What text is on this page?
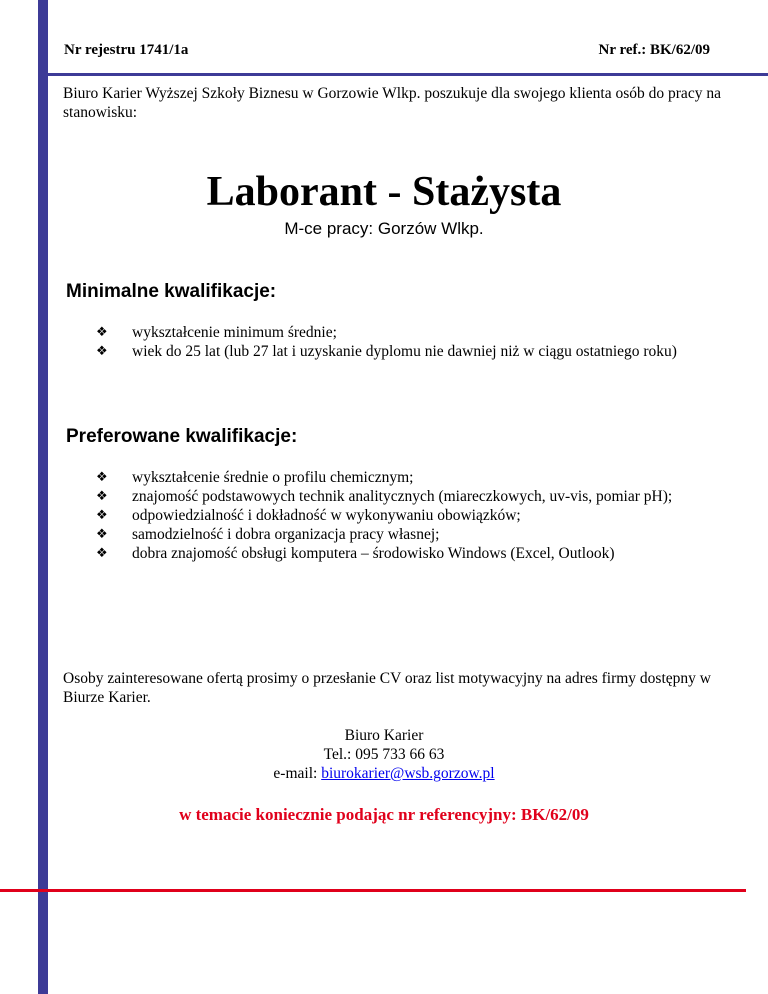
Nr rejestru 1741/1a	Nr ref.: BK/62/09
Biuro Karier Wyższej Szkoły Biznesu w Gorzowie Wlkp. poszukuje dla swojego klienta osób do pracy na stanowisku:
Laborant - Stażysta
M-ce pracy: Gorzów Wlkp.
Minimalne kwalifikacje:
❖ wykształcenie minimum średnie;
❖ wiek do 25 lat (lub 27 lat i uzyskanie dyplomu nie dawniej niż w ciągu ostatniego roku)
Preferowane kwalifikacje:
❖ wykształcenie średnie o profilu chemicznym;
❖ znajomość podstawowych technik analitycznych (miareczkowych, uv-vis, pomiar pH);
❖ odpowiedzialność i dokładność w wykonywaniu obowiązków;
❖ samodzielność i dobra organizacja pracy własnej;
❖ dobra znajomość obsługi komputera – środowisko Windows (Excel, Outlook)
Osoby zainteresowane ofertą prosimy o przesłanie CV oraz list motywacyjny na adres firmy dostępny w Biurze Karier.
Biuro Karier
Tel.: 095 733 66 63
e-mail: biurokarier@wsb.gorzow.pl
w temacie koniecznie podając nr referencyjny: BK/62/09
